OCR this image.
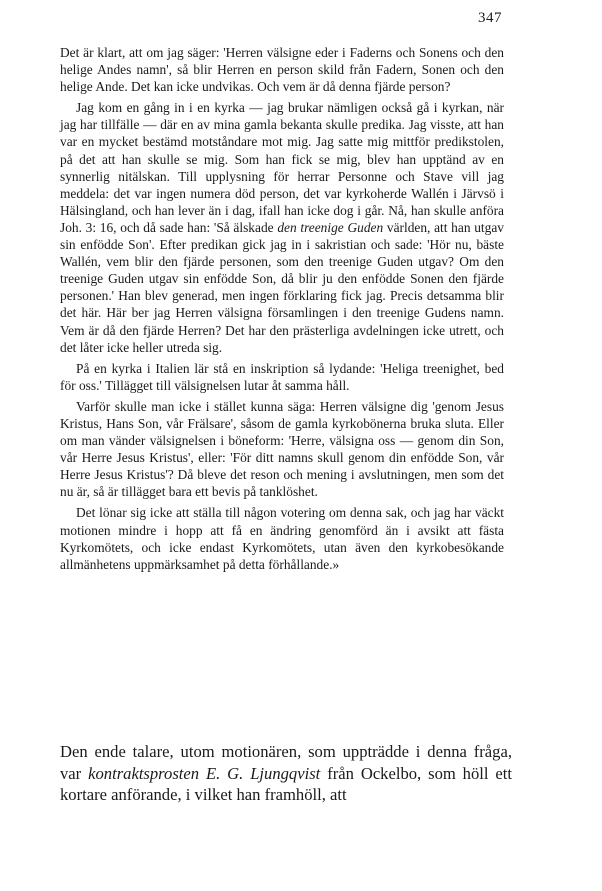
347

Det är klart, att om jag säger: 'Herren välsigne eder i Faderns och Sonens och den helige Andes namn', så blir Herren en person skild från Fadern, Sonen och den helige Ande. Det kan icke undvikas. Och vem är då denna fjärde person?

Jag kom en gång in i en kyrka — jag brukar nämligen också gå i kyrkan, när jag har tillfälle — där en av mina gamla bekanta skulle predika. Jag visste, att han var en mycket bestämd motståndare mot mig. Jag satte mig mittför predikstolen, på det att han skulle se mig. Som han fick se mig, blev han upptänd av en synnerlig nitälskan. Till upplysning för herrar Personne och Stave vill jag meddela: det var ingen numera död person, det var kyrkoherde Wallén i Järvsö i Hälsingland, och han lever än i dag, ifall han icke dog i går. Nå, han skulle anföra Joh. 3: 16, och då sade han: 'Så älskade den treenige Guden världen, att han utgav sin enfödde Son'. Efter predikan gick jag in i sakristian och sade: 'Hör nu, bäste Wallén, vem blir den fjärde personen, som den treenige Guden utgav? Om den treenige Guden utgav sin enfödde Son, då blir ju den enfödde Sonen den fjärde personen.' Han blev generad, men ingen förklaring fick jag. Precis detsamma blir det här. Här ber jag Herren välsigna församlingen i den treenige Gudens namn. Vem är då den fjärde Herren? Det har den prästerliga avdelningen icke utrett, och det låter icke heller utreda sig.

På en kyrka i Italien lär stå en inskription så lydande: 'Heliga treenighet, bed för oss.' Tillägget till välsignelsen lutar åt samma håll.

Varför skulle man icke i stället kunna säga: Herren välsigne dig 'genom Jesus Kristus, Hans Son, vår Frälsare', såsom de gamla kyrkobönerna bruka sluta. Eller om man vänder välsignelsen i böneform: 'Herre, välsigna oss — genom din Son, vår Herre Jesus Kristus', eller: 'För ditt namns skull genom din enfödde Son, vår Herre Jesus Kristus'? Då bleve det reson och mening i avslutningen, men som det nu är, så är tillägget bara ett bevis på tanklöshet.

Det lönar sig icke att ställa till någon votering om denna sak, och jag har väckt motionen mindre i hopp att få en ändring genomförd än i avsikt att fästa Kyrkomötets, och icke endast Kyrkomötets, utan även den kyrkobesökande allmänhetens uppmärksamhet på detta förhållande.»

Den ende talare, utom motionären, som uppträdde i denna fråga, var kontraktsprosten E. G. Ljungqvist från Ockelbo, som höll ett kortare anförande, i vilket han framhöll, att
